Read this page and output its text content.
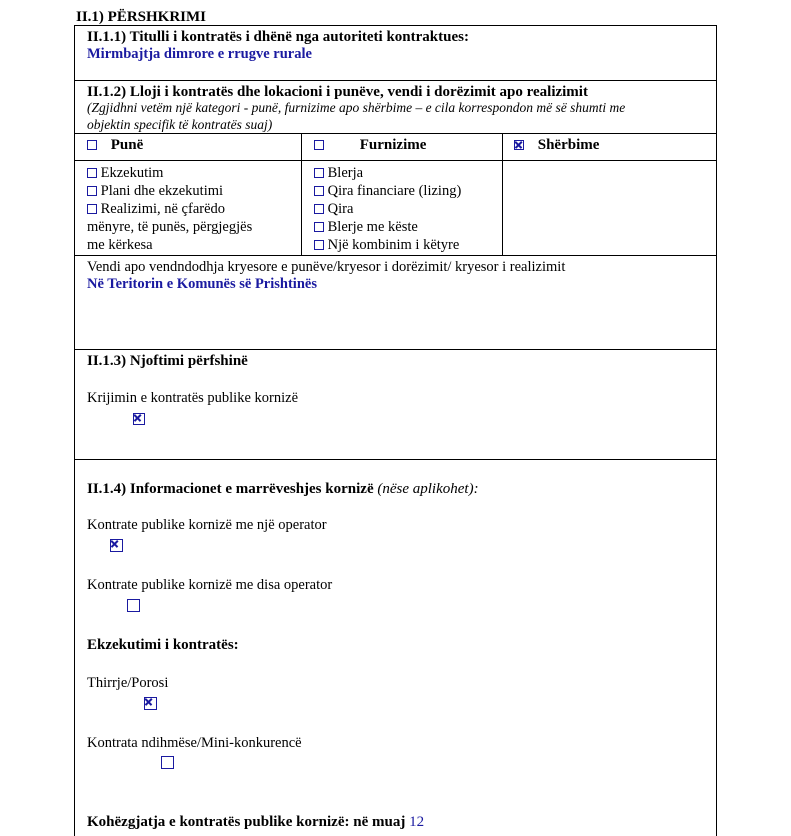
II.1) PËRSHKRIMI
II.1.1) Titulli i kontratës i dhënë nga autoriteti kontraktues:
Mirmbajtja dimrore e rrugve rurale
II.1.2) Lloji i kontratës dhe lokacioni i punëve, vendi i dorëzimit apo realizimit
(Zgjidhni vetëm një kategori - punë, furnizime apo shërbime – e cila korrespondon më së shumti me
objektin specifik të kontratës suaj)
Punë	Furnizime	Shërbime
Ekzekutim
Plani dhe ekzekutimi
Realizimi, në çfarëdo
mënyre, të punës, përgjegjës
me kërkesa
Blerja
Qira financiare (lizing)
Qira
Blerje me këste
Një kombinim i këtyre
Vendi apo vendndodhja kryesore e punëve/kryesor i dorëzimit/ kryesor i realizimit
Në Teritorin e Komunës së Prishtinës
II.1.3) Njoftimi përfshinë
Krijimin e kontratës publike kornizë

II.1.4) Informacionet e marrëveshjes kornizë (nëse aplikohet):
Kontrate publike kornizë me një operator

Kontrate publike kornizë me disa operator

Ekzekutimi i kontratës:
Thirrje/Porosi

Kontrata ndihmëse/Mini-konkurencë
Kohëzgjatja e kontratës publike kornizë: në muaj 12
